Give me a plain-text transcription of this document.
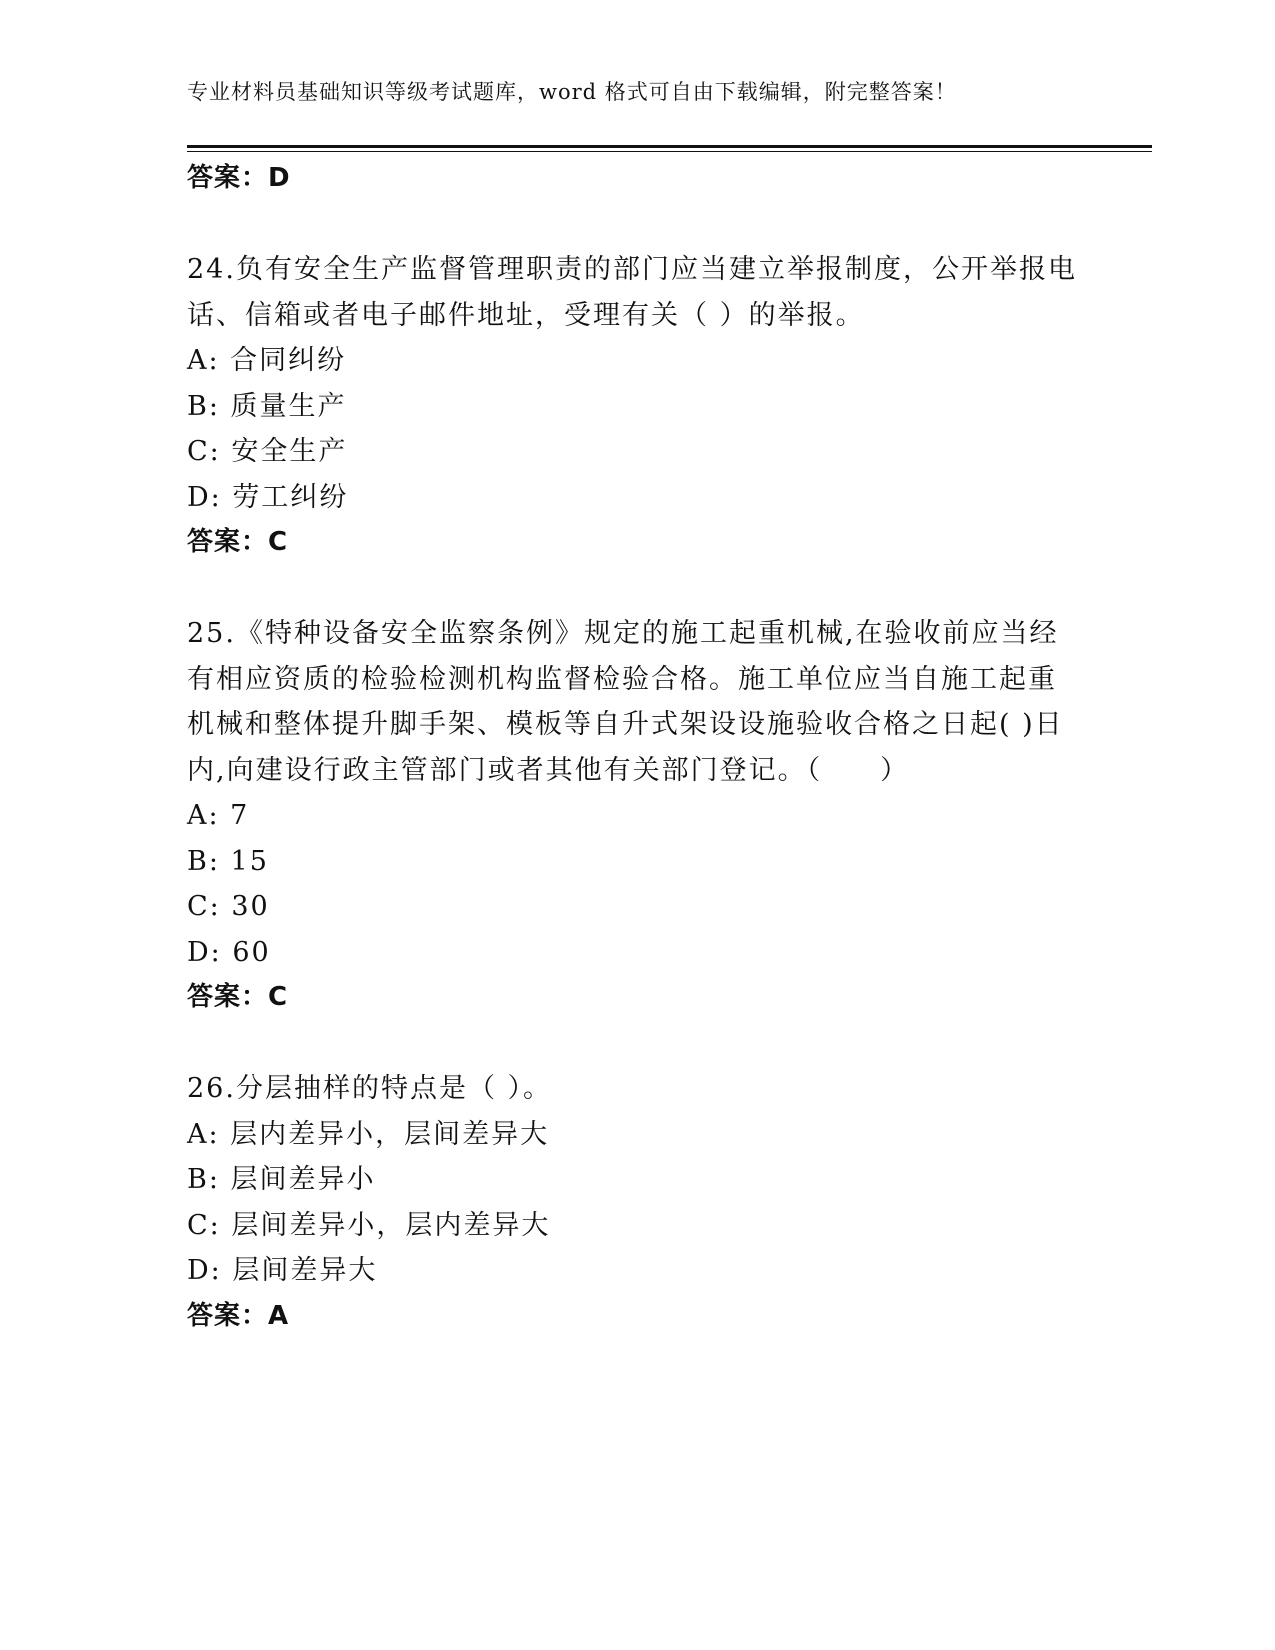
专业材料员基础知识等级考试题库，word 格式可自由下载编辑，附完整答案！
答案：D
24.负有安全生产监督管理职责的部门应当建立举报制度，公开举报电
话、信箱或者电子邮件地址，受理有关（ ）的举报。
A: 合同纠纷
B: 质量生产
C: 安全生产
D: 劳工纠纷
答案：C
25.《特种设备安全监察条例》规定的施工起重机械,在验收前应当经
有相应资质的检验检测机构监督检验合格。施工单位应当自施工起重
机械和整体提升脚手架、模板等自升式架设设施验收合格之日起( )日
内,向建设行政主管部门或者其他有关部门登记。（　　）
A: 7
B: 15
C: 30
D: 60
答案：C
26.分层抽样的特点是（ ）。
A: 层内差异小，层间差异大
B: 层间差异小
C: 层间差异小，层内差异大
D: 层间差异大
答案：A
